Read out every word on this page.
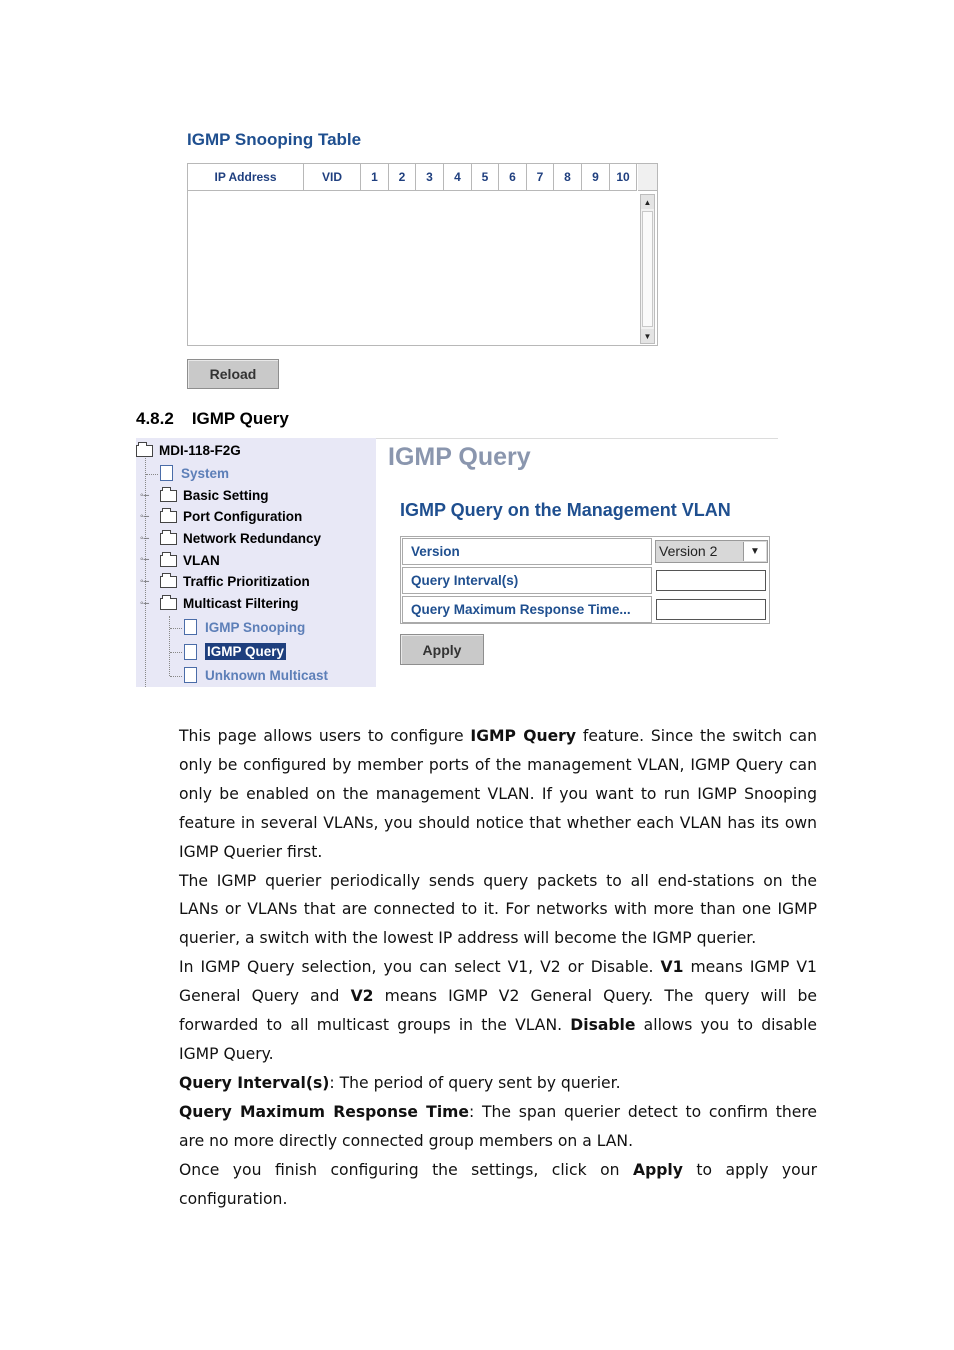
IGMP Snooping Table
IP Address	VID	1	2	3	4	5	6	7	8	9	10
▲
▼
Reload
4.8.2 IGMP Query
MDI-118-F2G
System
◦–	Basic Setting
◦–	Port Configuration
◦–	Network Redundancy
◦–	VLAN
◦–	Traffic Prioritization
◦–	Multicast Filtering
IGMP Snooping
IGMP Query
Unknown Multicast
IGMP Query
IGMP Query on the Management VLAN
Version	Version 2	▼
Query Interval(s)
Query Maximum Response Time...
Apply

This page allows users to configure IGMP Query feature. Since the switch can only be configured by member ports of the management VLAN, IGMP Query can only be enabled on the management VLAN. If you want to run IGMP Snooping feature in several VLANs, you should notice that whether each VLAN has its own IGMP Querier first.

The IGMP querier periodically sends query packets to all end-stations on the LANs or VLANs that are connected to it. For networks with more than one IGMP querier, a switch with the lowest IP address will become the IGMP querier.

In IGMP Query selection, you can select V1, V2 or Disable. V1 means IGMP V1 General Query and V2 means IGMP V2 General Query. The query will be forwarded to all multicast groups in the VLAN. Disable allows you to disable IGMP Query.

Query Interval(s): The period of query sent by querier.

Query Maximum Response Time: The span querier detect to confirm there are no more directly connected group members on a LAN.

Once you finish configuring the settings, click on Apply to apply your configuration.
